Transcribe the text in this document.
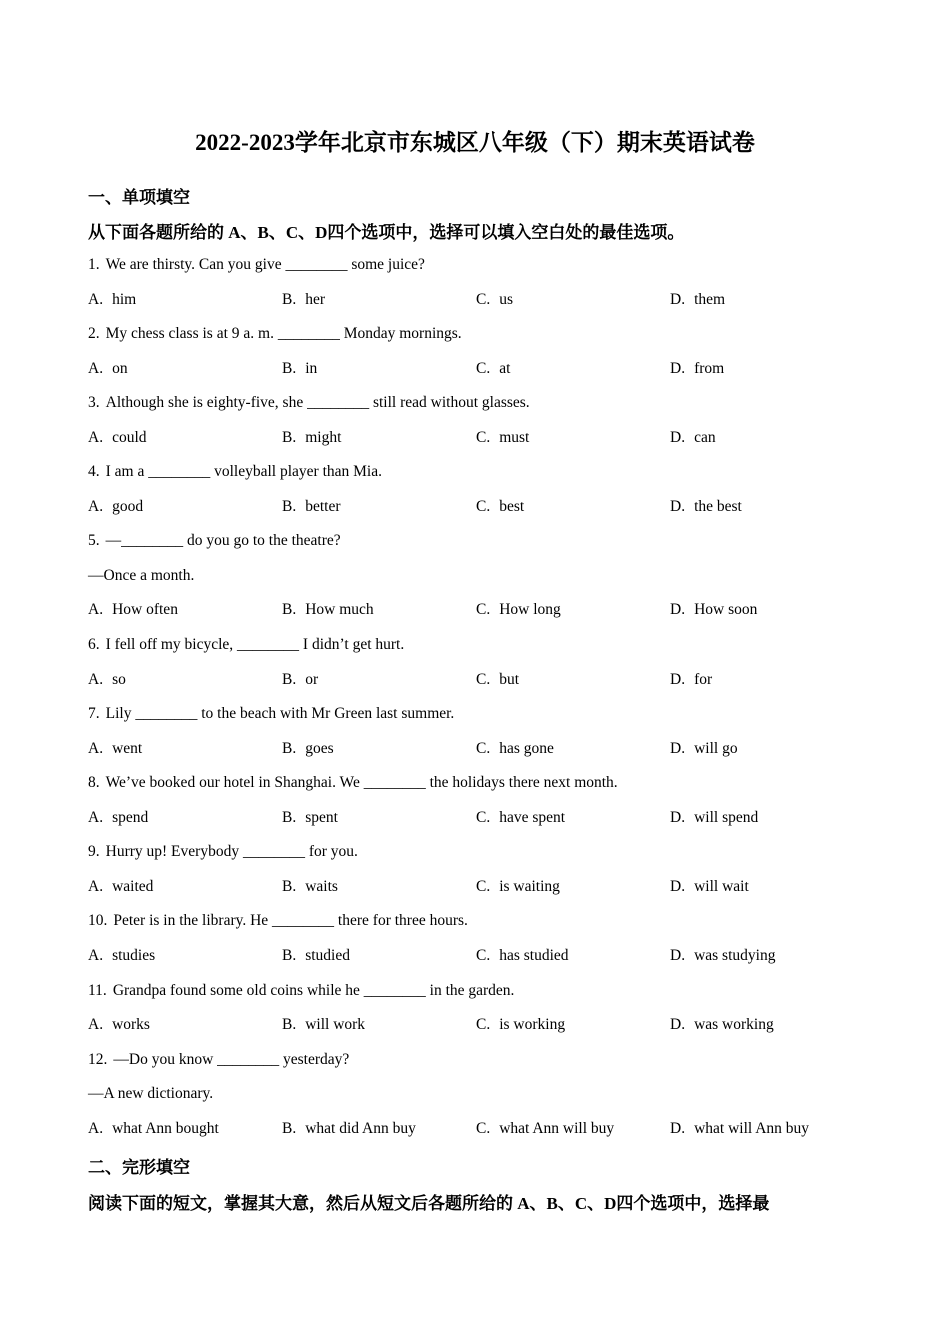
2022-2023学年北京市东城区八年级（下）期末英语试卷
一、单项填空
从下面各题所给的 A、B、C、D四个选项中，选择可以填入空白处的最佳选项。
1. We are thirsty. Can you give ________ some juice?
A. him	B. her	C. us	D. them
2. My chess class is at 9 a. m. ________ Monday mornings.
A. on	B. in	C. at	D. from
3. Although she is eighty-five, she ________ still read without glasses.
A. could	B. might	C. must	D. can
4. I am a ________ volleyball player than Mia.
A. good	B. better	C. best	D. the best
5. —________ do you go to the theatre?
—Once a month.
A. How often	B. How much	C. How long	D. How soon
6. I fell off my bicycle, ________ I didn’t get hurt.
A. so	B. or	C. but	D. for
7. Lily ________ to the beach with Mr Green last summer.
A. went	B. goes	C. has gone	D. will go
8. We’ve booked our hotel in Shanghai. We ________ the holidays there next month.
A. spend	B. spent	C. have spent	D. will spend
9. Hurry up! Everybody ________ for you.
A. waited	B. waits	C. is waiting	D. will wait
10. Peter is in the library. He ________ there for three hours.
A. studies	B. studied	C. has studied	D. was studying
11. Grandpa found some old coins while he ________ in the garden.
A. works	B. will work	C. is working	D. was working
12. —Do you know ________ yesterday?
—A new dictionary.
A. what Ann bought	B. what did Ann buy	C. what Ann will buy	D. what will Ann buy
二、完形填空
阅读下面的短文，掌握其大意，然后从短文后各题所给的 A、B、C、D四个选项中，选择最
